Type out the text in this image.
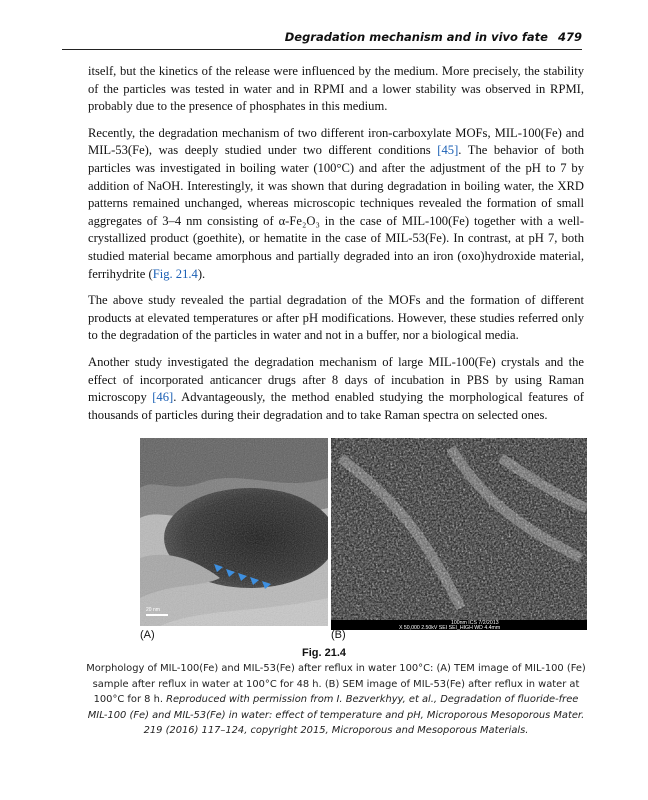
Degradation mechanism and in vivo fate 479

itself, but the kinetics of the release were influenced by the medium. More precisely, the stability of the particles was tested in water and in RPMI and a lower stability was observed in RPMI, probably due to the presence of phosphates in this medium.

Recently, the degradation mechanism of two different iron-carboxylate MOFs, MIL-100(Fe) and MIL-53(Fe), was deeply studied under two different conditions [45]. The behavior of both particles was investigated in boiling water (100°C) and after the adjustment of the pH to 7 by addition of NaOH. Interestingly, it was shown that during degradation in boiling water, the XRD patterns remained unchanged, whereas microscopic techniques revealed the formation of small aggregates of 3–4 nm consisting of α-Fe₂O₃ in the case of MIL-100(Fe) together with a well-crystallized product (goethite), or hematite in the case of MIL-53(Fe). In contrast, at pH 7, both studied material became amorphous and partially degraded into an iron (oxo)hydroxide material, ferrihydrite (Fig. 21.4).

The above study revealed the partial degradation of the MOFs and the formation of different products at elevated temperatures or after pH modifications. However, these studies referred only to the degradation of the particles in water and not in a buffer, nor a biological media.

Another study investigated the degradation mechanism of large MIL-100(Fe) crystals and the effect of incorporated anticancer drugs after 8 days of incubation in PBS by using Raman microscopy [46]. Advantageously, the method enabled studying the morphological features of thousands of particles during their degradation and to take Raman spectra on selected ones.

20 nm
(A)
100nm ICS 7/2/2013
X 50,000 2.50kV SEI SEI_HIGH WD 4.4mm
(B)
Fig. 21.4
Morphology of MIL-100(Fe) and MIL-53(Fe) after reflux in water 100°C: (A) TEM image of MIL-100 (Fe) sample after reflux in water at 100°C for 48 h. (B) SEM image of MIL-53(Fe) after reflux in water at 100°C for 8 h. Reproduced with permission from I. Bezverkhyy, et al., Degradation of fluoride-free MIL-100 (Fe) and MIL-53(Fe) in water: effect of temperature and pH, Microporous Mesoporous Mater. 219 (2016) 117–124, copyright 2015, Microporous and Mesoporous Materials.
